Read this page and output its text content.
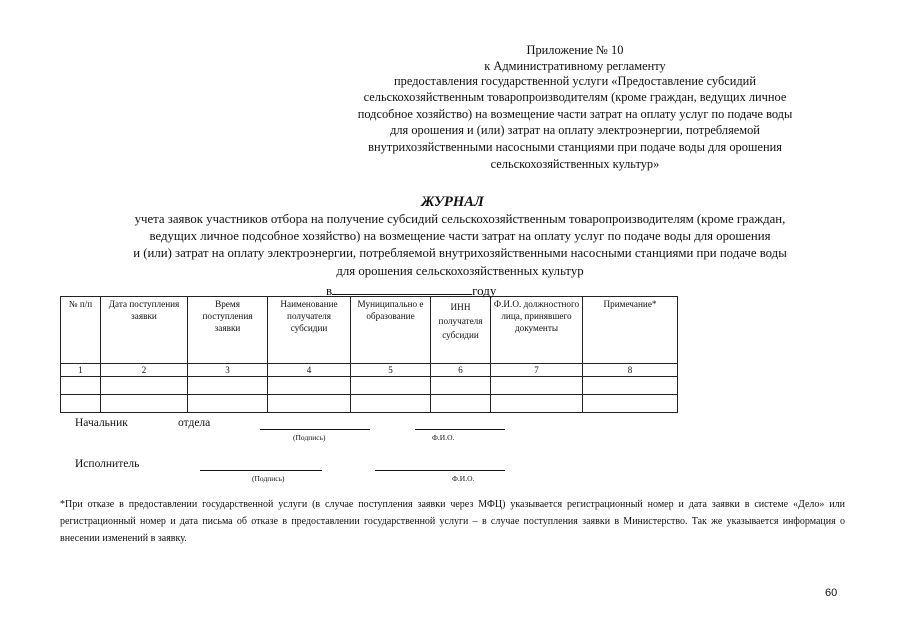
Приложение № 10
к Административному регламенту
предоставления государственной услуги «Предоставление субсидий
сельскохозяйственным товаропроизводителям (кроме граждан, ведущих личное
подсобное хозяйство) на возмещение части затрат на оплату услуг по подаче воды
для орошения и (или) затрат на оплату электроэнергии, потребляемой
внутрихозяйственными насосными станциями при подаче воды для орошения
сельскохозяйственных культур»
ЖУРНАЛ
учета заявок участников отбора на получение субсидий сельскохозяйственным товаропроизводителям (кроме граждан,
ведущих личное подсобное хозяйство) на возмещение части затрат на оплату услуг по подаче воды для орошения
и (или) затрат на оплату электроэнергии, потребляемой внутрихозяйственными насосными станциями при подаче воды
для орошения сельскохозяйственных культур
в	году
№ п/п	Дата поступления заявки	Время поступления заявки	Наименование получателя субсидии	Муниципально е образование	ИНН получателя субсидии	Ф.И.О. должностного лица, принявшего документы	Примечание*
1	2	3	4	5	6	7	8

Начальник	отдела
(Подпись)	Ф.И.О.
Исполнитель
(Подпись)	Ф.И.О.
*При отказе в предоставлении государственной услуги (в случае поступления заявки через МФЦ) указывается регистрационный номер и дата заявки в системе «Дело» или регистрационный номер и дата письма об отказе в предоставлении государственной услуги – в случае поступления заявки в Министерство. Так же указывается информация о внесении изменений в заявку.
60
